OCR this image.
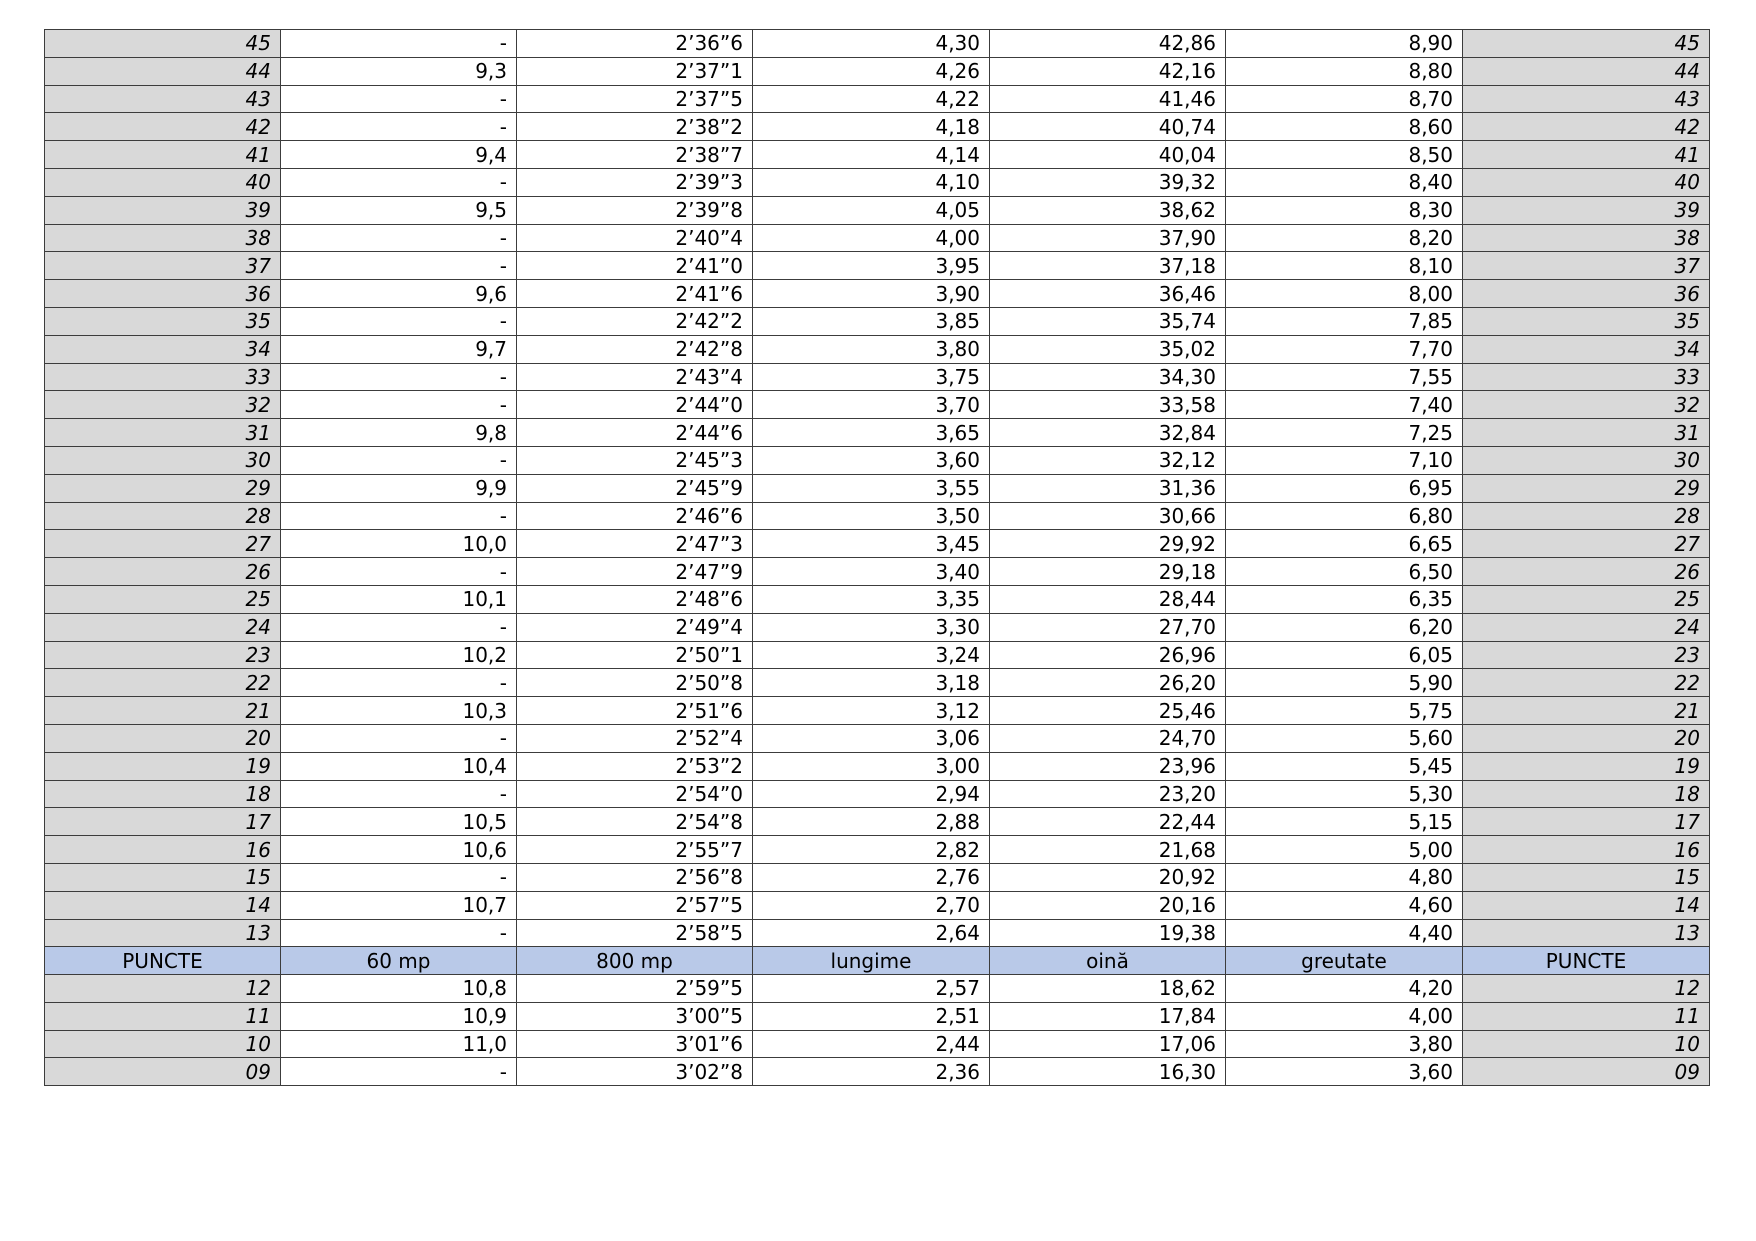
45	-	2’36”6	4,30	42,86	8,90	45
44	9,3	2’37”1	4,26	42,16	8,80	44
43	-	2’37”5	4,22	41,46	8,70	43
42	-	2’38”2	4,18	40,74	8,60	42
41	9,4	2’38”7	4,14	40,04	8,50	41
40	-	2’39”3	4,10	39,32	8,40	40
39	9,5	2’39”8	4,05	38,62	8,30	39
38	-	2’40”4	4,00	37,90	8,20	38
37	-	2’41”0	3,95	37,18	8,10	37
36	9,6	2’41”6	3,90	36,46	8,00	36
35	-	2’42”2	3,85	35,74	7,85	35
34	9,7	2’42”8	3,80	35,02	7,70	34
33	-	2’43”4	3,75	34,30	7,55	33
32	-	2’44”0	3,70	33,58	7,40	32
31	9,8	2’44”6	3,65	32,84	7,25	31
30	-	2’45”3	3,60	32,12	7,10	30
29	9,9	2’45”9	3,55	31,36	6,95	29
28	-	2’46”6	3,50	30,66	6,80	28
27	10,0	2’47”3	3,45	29,92	6,65	27
26	-	2’47”9	3,40	29,18	6,50	26
25	10,1	2’48”6	3,35	28,44	6,35	25
24	-	2’49”4	3,30	27,70	6,20	24
23	10,2	2’50”1	3,24	26,96	6,05	23
22	-	2’50”8	3,18	26,20	5,90	22
21	10,3	2’51”6	3,12	25,46	5,75	21
20	-	2’52”4	3,06	24,70	5,60	20
19	10,4	2’53”2	3,00	23,96	5,45	19
18	-	2’54”0	2,94	23,20	5,30	18
17	10,5	2’54”8	2,88	22,44	5,15	17
16	10,6	2’55”7	2,82	21,68	5,00	16
15	-	2’56”8	2,76	20,92	4,80	15
14	10,7	2’57”5	2,70	20,16	4,60	14
13	-	2’58”5	2,64	19,38	4,40	13
PUNCTE	60 mp	800 mp	lungime	oină	greutate	PUNCTE
12	10,8	2’59”5	2,57	18,62	4,20	12
11	10,9	3’00”5	2,51	17,84	4,00	11
10	11,0	3’01”6	2,44	17,06	3,80	10
09	-	3’02”8	2,36	16,30	3,60	09
